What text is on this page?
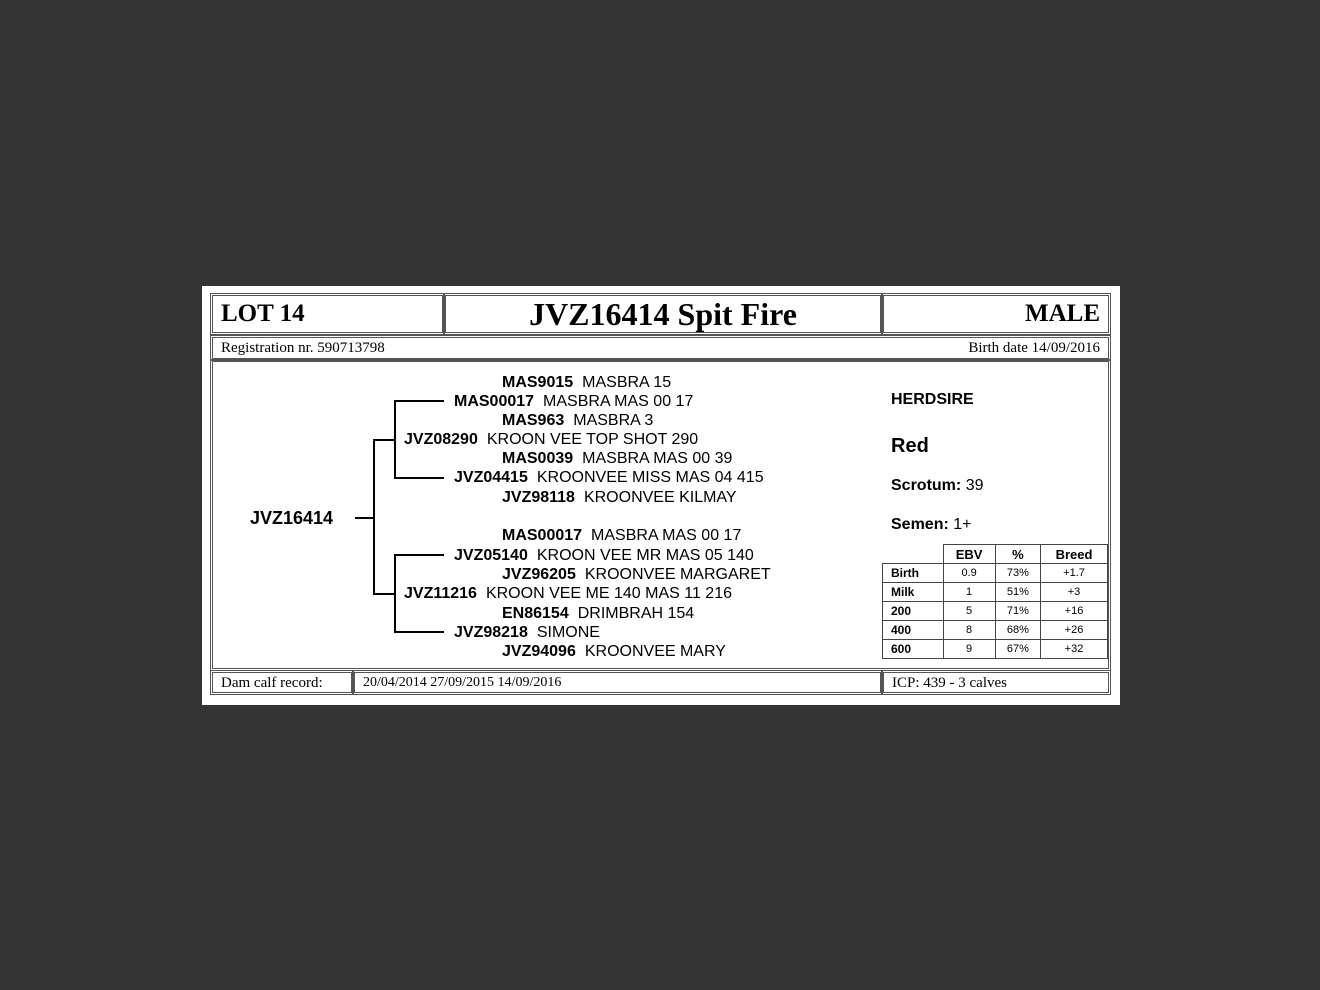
LOT 14	JVZ16414 Spit Fire	MALE
Registration nr. 590713798	Birth date 14/09/2016
JVZ16414
MAS9015 MASBRA 15
MAS00017 MASBRA MAS 00 17
MAS963 MASBRA 3
JVZ08290 KROON VEE TOP SHOT 290
MAS0039 MASBRA MAS 00 39
JVZ04415 KROONVEE MISS MAS 04 415
JVZ98118 KROONVEE KILMAY
MAS00017 MASBRA MAS 00 17
JVZ05140 KROON VEE MR MAS 05 140
JVZ96205 KROONVEE MARGARET
JVZ11216 KROON VEE ME 140 MAS 11 216
EN86154 DRIMBRAH 154
JVZ98218 SIMONE
JVZ94096 KROONVEE MARY
HERDSIRE
Red
Scrotum: 39
Semen: 1+
	EBV	%	Breed
Birth	0.9	73%	+1.7
Milk	1	51%	+3
200	5	71%	+16
400	8	68%	+26
600	9	67%	+32
Dam calf record:	20/04/2014 27/09/2015 14/09/2016	ICP: 439 - 3 calves
